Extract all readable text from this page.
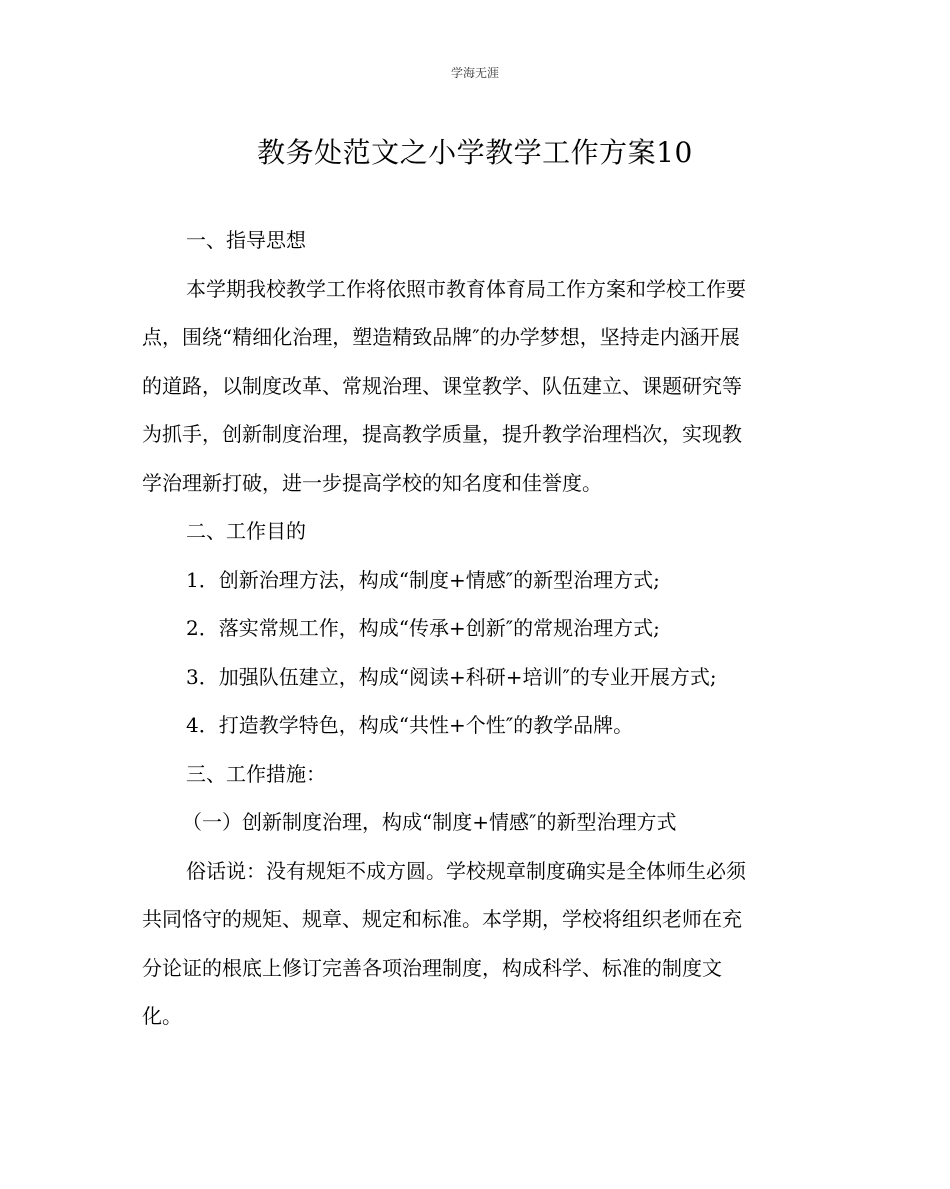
学海无涯
教务处范文之小学教学工作方案10
一、指导思想
本学期我校教学工作将依照市教育体育局工作方案和学校工作要
点，围绕“精细化治理，塑造精致品牌″的办学梦想，坚持走内涵开展
的道路，以制度改革、常规治理、课堂教学、队伍建立、课题研究等
为抓手，创新制度治理，提高教学质量，提升教学治理档次，实现教
学治理新打破，进一步提高学校的知名度和佳誉度。
二、工作目的
1．创新治理方法，构成“制度+情感″的新型治理方式;
2．落实常规工作，构成“传承+创新″的常规治理方式;
3．加强队伍建立，构成“阅读+科研+培训″的专业开展方式;
4．打造教学特色，构成“共性+个性″的教学品牌。
三、工作措施：
（一）创新制度治理，构成“制度+情感″的新型治理方式
俗话说：没有规矩不成方圆。学校规章制度确实是全体师生必须
共同恪守的规矩、规章、规定和标准。本学期，学校将组织老师在充
分论证的根底上修订完善各项治理制度，构成科学、标准的制度文
化。
